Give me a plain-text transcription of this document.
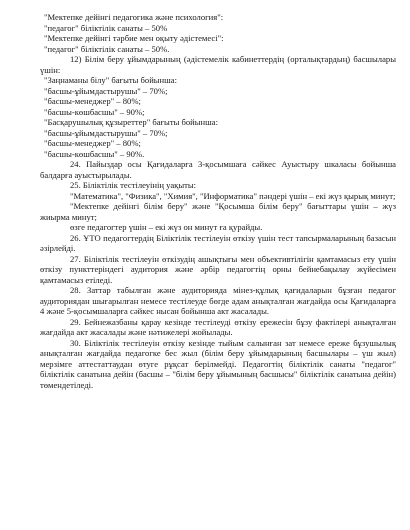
"Мектепке дейінгі педагогика және психология":
"педагог" біліктілік санаты – 50%
"Мектепке дейінгі тәрбие мен оқыту әдістемесі":
"педагог" біліктілік санаты – 50%.
12) Білім беру ұйымдарының (әдістемелік кабинеттердің (орталықтардың) басшылары үшін:
"Заңнаманы білу" бағыты бойынша:
"басшы-ұйымдастырушы" – 70%;
"басшы-менеджер" – 80%;
"басшы-көшбасшы" – 90%;
"Басқарушылық құзыреттер" бағыты бойынша:
"басшы-ұйымдастырушы" – 70%;
"басшы-менеджер" – 80%;
"басшы-көшбасшы" – 90%.
24. Пайыздар осы Қағидаларға 3-қосымшаға сәйкес Ауыстыру шкаласы бойынша балдарға ауыстырылады.
25. Біліктілік тестілеуінің уақыты:
"Математика", "Физика", "Химия", "Информатика" пәндері үшін – екі жүз қырық минут;
"Мектепке дейінгі білім беру" және "Қосымша білім беру" бағыттары үшін – жүз жиырма минут;
өзге педагогтер үшін – екі жүз он минут ға қурайды.
26. ҰТО педагогтердің Біліктілік тестілеуін өткізу үшін тест тапсырмаларының базасын әзірлейді.
27. Біліктілік тестілеуін өткізудің ашықтығы мен объективтілігін қамтамасыз ету үшін өткізу пункттеріндегі аудитория және әрбір педагогтің орны бейнебақылау жүйесімен қамтамасыз етіледі.
28. Заттар табылған және аудиторияда мінез-құлық қағидаларын бұзған педагог аудиториядан шығарылған немесе тестілеуде бөгде адам анықталған жағдайда осы Қағидаларға 4 және 5-қосымшаларға сәйкес нысан бойынша акт жасалады.
29. Бейнежазбаны қарау кезінде тестілеуді өткізу ережесін бұзу фактілері анықталған жағдайда акт жасалады және нәтижелері жойылады.
30. Біліктілік тестілеуін өткізу кезінде тыйым салынған зат немесе ереже бұзушылық анықталған жағдайда педагогке бес жыл (білім беру ұйымдарының басшылары – үш жыл) мерзімге аттестаттаудан өтуге рұқсат берілмейді. Педагогтің біліктілік санаты "педагог" біліктілік санатына дейін (басшы – "білім беру ұйымының басшысы" біліктілік санатына дейін) төмендетіледі.
